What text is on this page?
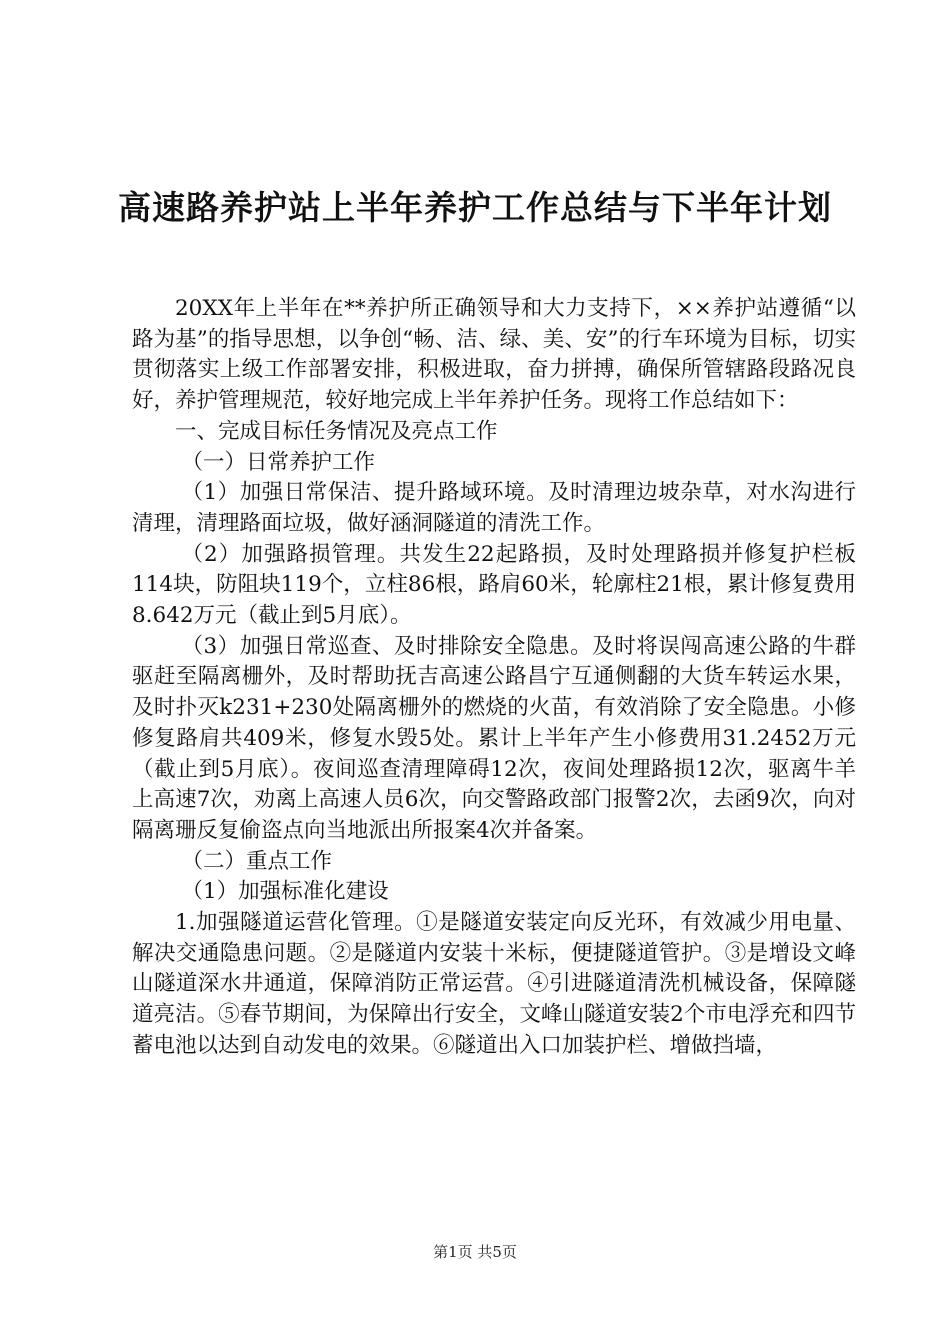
高速路养护站上半年养护工作总结与下半年计划

20XX年上半年在**养护所正确领导和大力支持下，××养护站遵循“以路为基”的指导思想，以争创“畅、洁、绿、美、安”的行车环境为目标，切实贯彻落实上级工作部署安排，积极进取，奋力拼搏，确保所管辖路段路况良好，养护管理规范，较好地完成上半年养护任务。现将工作总结如下：

一、完成目标任务情况及亮点工作

（一）日常养护工作

（1）加强日常保洁、提升路域环境。及时清理边坡杂草，对水沟进行清理，清理路面垃圾，做好涵洞隧道的清洗工作。

（2）加强路损管理。共发生22起路损，及时处理路损并修复护栏板114块，防阻块119个，立柱86根，路肩60米，轮廓柱21根，累计修复费用8.642万元（截止到5月底）。

（3）加强日常巡查、及时排除安全隐患。及时将误闯高速公路的牛群驱赶至隔离栅外，及时帮助抚吉高速公路昌宁互通侧翻的大货车转运水果，及时扑灭k231+230处隔离栅外的燃烧的火苗，有效消除了安全隐患。小修修复路肩共409米，修复水毁5处。累计上半年产生小修费用31.2452万元（截止到5月底）。夜间巡查清理障碍12次，夜间处理路损12次，驱离牛羊上高速7次，劝离上高速人员6次，向交警路政部门报警2次，去函9次，向对隔离珊反复偷盗点向当地派出所报案4次并备案。

（二）重点工作

（1）加强标准化建设

1.加强隧道运营化管理。①是隧道安装定向反光环，有效减少用电量、解决交通隐患问题。②是隧道内安装十米标，便捷隧道管护。③是增设文峰山隧道深水井通道，保障消防正常运营。④引进隧道清洗机械设备，保障隧道亮洁。⑤春节期间，为保障出行安全，文峰山隧道安装2个市电浮充和四节蓄电池以达到自动发电的效果。⑥隧道出入口加装护栏、增做挡墙，

第1页 共5页
